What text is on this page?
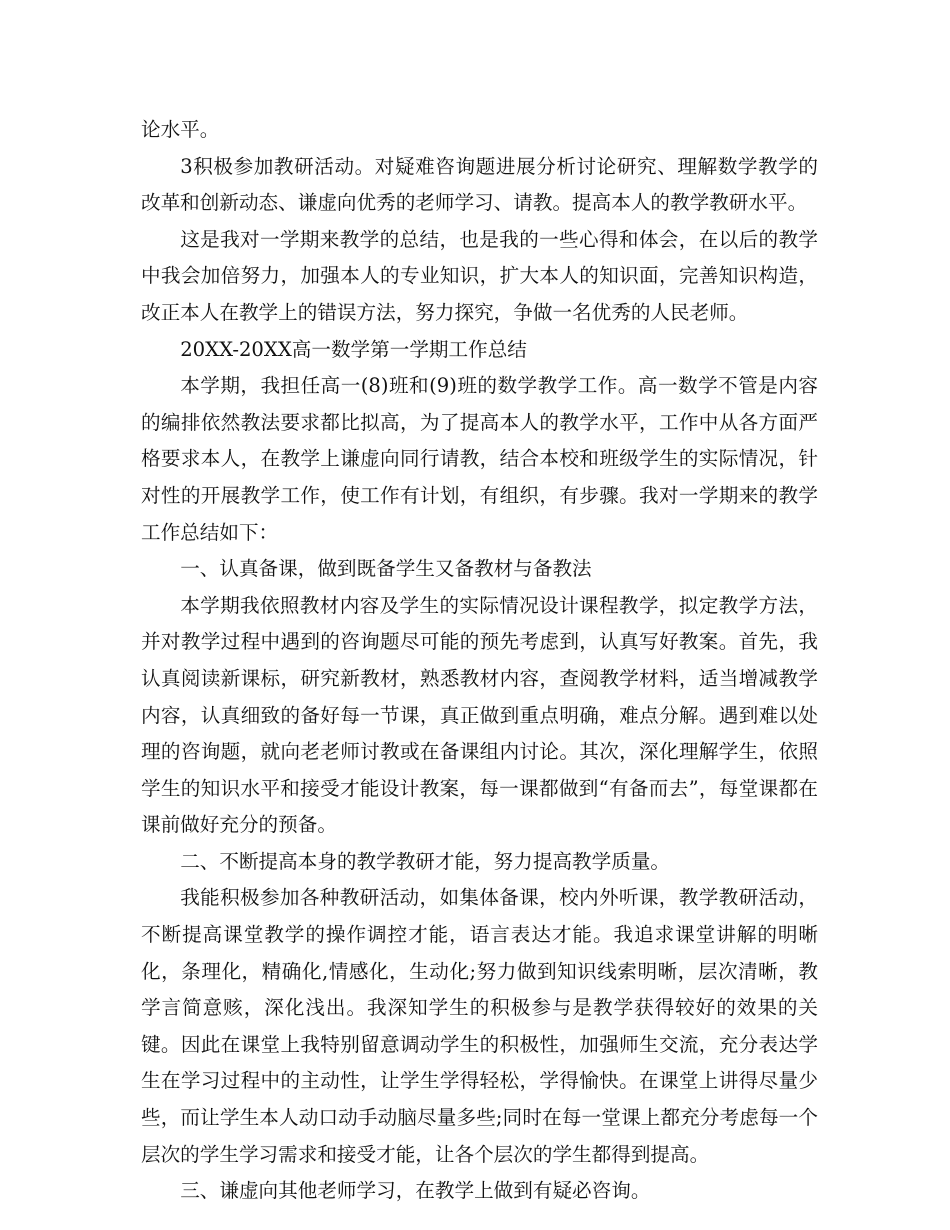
论水平。

3积极参加教研活动。对疑难咨询题进展分析讨论研究、理解数学教学的改革和创新动态、谦虚向优秀的老师学习、请教。提高本人的教学教研水平。

这是我对一学期来教学的总结，也是我的一些心得和体会，在以后的教学中我会加倍努力，加强本人的专业知识，扩大本人的知识面，完善知识构造，改正本人在教学上的错误方法，努力探究，争做一名优秀的人民老师。

20XX-20XX高一数学第一学期工作总结

本学期，我担任高一(8)班和(9)班的数学教学工作。高一数学不管是内容的编排依然教法要求都比拟高，为了提高本人的教学水平，工作中从各方面严格要求本人，在教学上谦虚向同行请教，结合本校和班级学生的实际情况，针对性的开展教学工作，使工作有计划，有组织，有步骤。我对一学期来的教学工作总结如下：

一、认真备课，做到既备学生又备教材与备教法

本学期我依照教材内容及学生的实际情况设计课程教学，拟定教学方法，并对教学过程中遇到的咨询题尽可能的预先考虑到，认真写好教案。首先，我认真阅读新课标，研究新教材，熟悉教材内容，查阅教学材料，适当增减教学内容，认真细致的备好每一节课，真正做到重点明确，难点分解。遇到难以处理的咨询题，就向老老师讨教或在备课组内讨论。其次，深化理解学生，依照学生的知识水平和接受才能设计教案，每一课都做到“有备而去”，每堂课都在课前做好充分的预备。

二、不断提高本身的教学教研才能，努力提高教学质量。

我能积极参加各种教研活动，如集体备课，校内外听课，教学教研活动，不断提高课堂教学的操作调控才能，语言表达才能。我追求课堂讲解的明晰化，条理化，精确化,情感化，生动化;努力做到知识线索明晰，层次清晰，教学言简意赅，深化浅出。我深知学生的积极参与是教学获得较好的效果的关键。因此在课堂上我特别留意调动学生的积极性，加强师生交流，充分表达学生在学习过程中的主动性，让学生学得轻松，学得愉快。在课堂上讲得尽量少些，而让学生本人动口动手动脑尽量多些;同时在每一堂课上都充分考虑每一个层次的学生学习需求和接受才能，让各个层次的学生都得到提高。

三、谦虚向其他老师学习，在教学上做到有疑必咨询。
